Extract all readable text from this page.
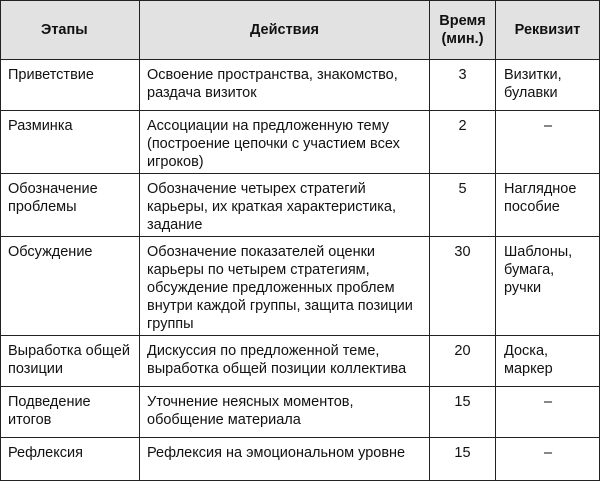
Этапы	Действия	Время (мин.)	Реквизит
Приветствие	Освоение пространства, знакомство, раздача визиток	3	Визитки, булавки
Разминка	Ассоциации на предложенную тему (построение цепочки с участием всех игроков)	2	–
Обозначение проблемы	Обозначение четырех стратегий карьеры, их краткая характеристика, задание	5	Наглядное пособие
Обсуждение	Обозначение показателей оценки карьеры по четырем стратегиям, обсуждение предложенных проблем внутри каждой группы, защита позиции группы	30	Шаблоны, бумага, ручки
Выработка общей позиции	Дискуссия по предложенной теме, выработка общей позиции коллектива	20	Доска, маркер
Подведение итогов	Уточнение неясных моментов, обобщение материала	15	–
Рефлексия	Рефлексия на эмоциональном уровне	15	–
